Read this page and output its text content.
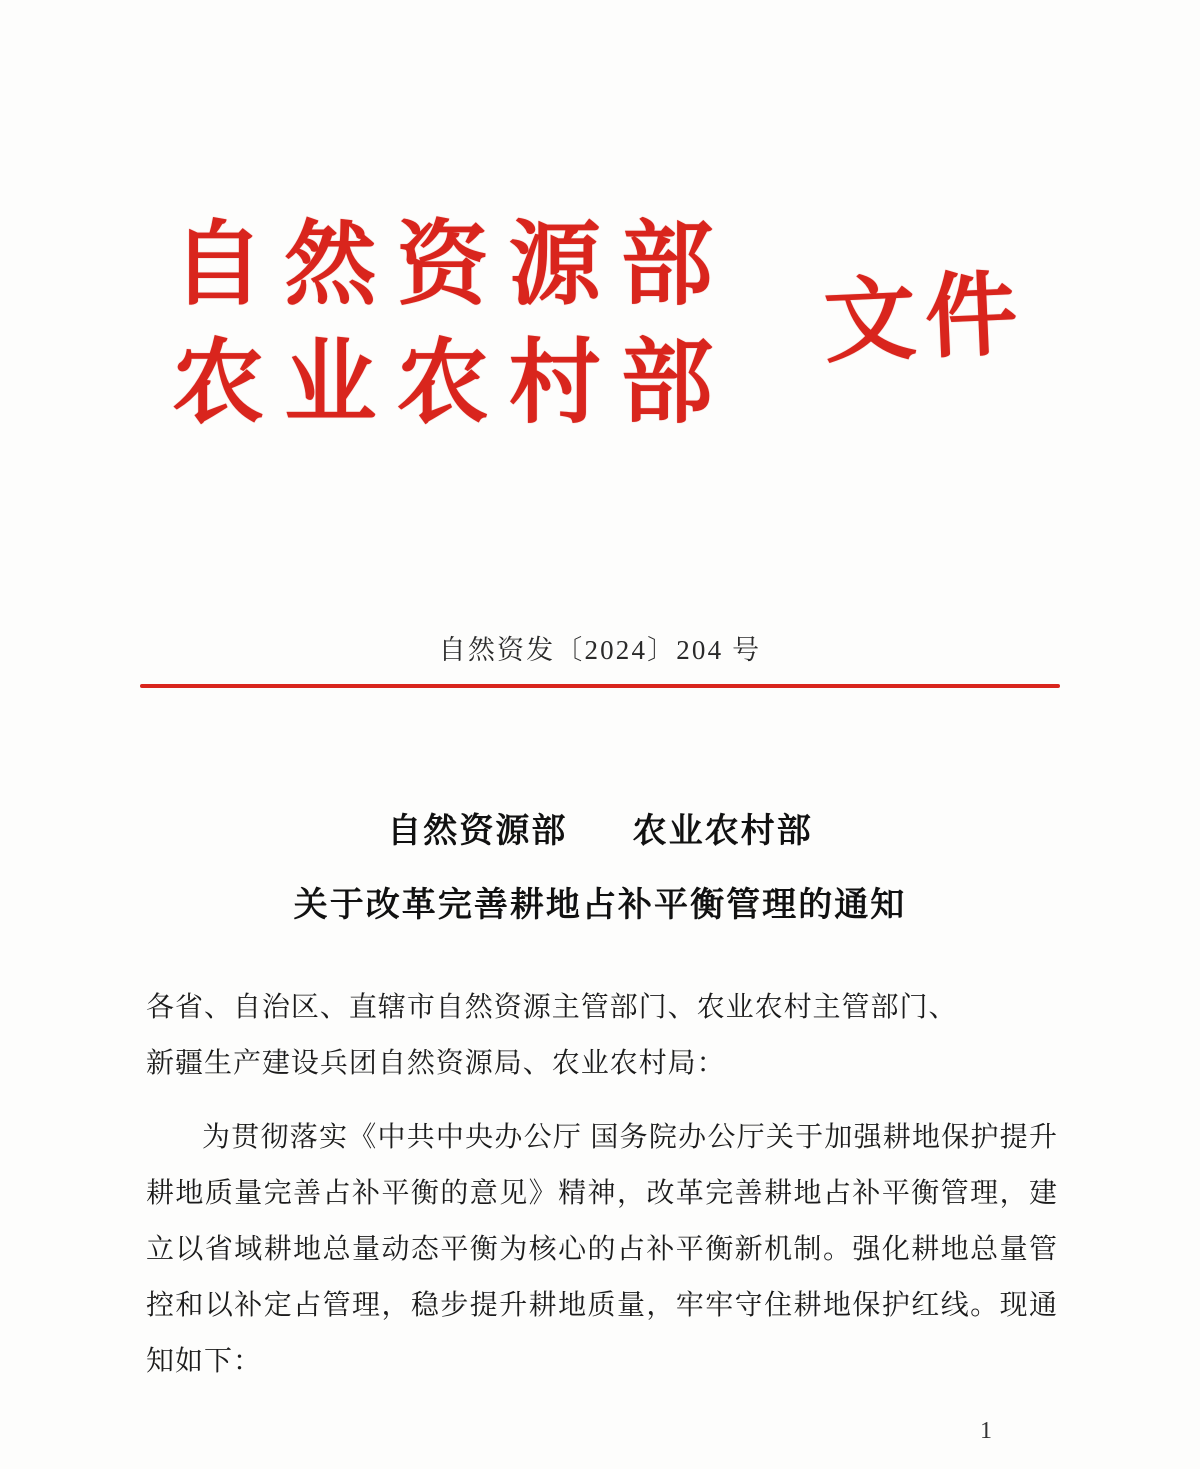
自然资源部
农业农村部
文件
自然资发〔2024〕204 号
自然资源部 农业农村部
关于改革完善耕地占补平衡管理的通知

各省、自治区、直辖市自然资源主管部门、农业农村主管部门、

新疆生产建设兵团自然资源局、农业农村局：

为贯彻落实《中共中央办公厅 国务院办公厅关于加强耕地保护提升耕地质量完善占补平衡的意见》精神，改革完善耕地占补平衡管理，建立以省域耕地总量动态平衡为核心的占补平衡新机制。强化耕地总量管控和以补定占管理，稳步提升耕地质量，牢牢守住耕地保护红线。现通知如下：

1
